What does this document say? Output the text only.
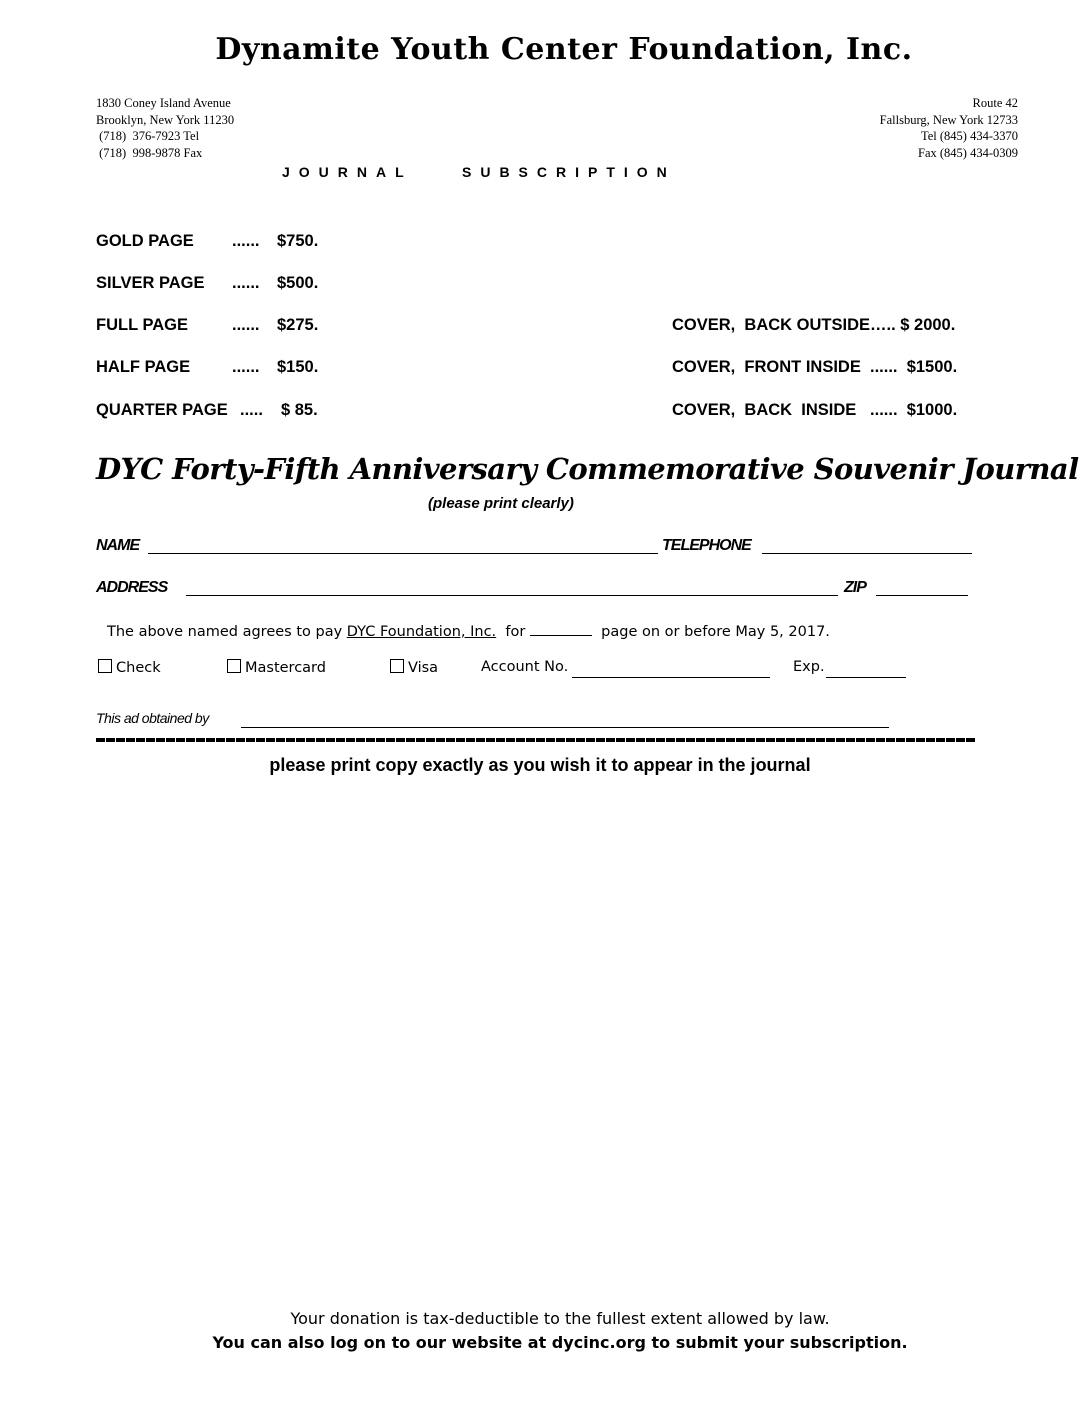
Dynamite Youth Center Foundation, Inc.
1830 Coney Island Avenue
Brooklyn, New York 11230
(718)  376-7923 Tel
(718)  998-9878 Fax
Route 42
Fallsburg, New York 12733
Tel (845) 434-3370
Fax (845) 434-0309
JOURNAL	SUBSCRIPTION
GOLD PAGE ...... $750.
SILVER PAGE ...... $500.
FULL PAGE	...... $275.
HALF PAGE	...... $150.
QUARTER PAGE ..... $ 85.
COVER,  BACK OUTSIDE….. $ 2000.
COVER,  FRONT INSIDE  ......  $1500.
COVER,  BACK  INSIDE   ......  $1000.
DYC Forty-Fifth Anniversary Commemorative Souvenir Journal
(please print clearly)
NAME	TELEPHONE
ADDRESS	ZIP
The above named agrees to pay DYC Foundation, Inc.  for	page on or before May 5, 2017.
Check	Mastercard	Visa	Account No.	Exp.
This ad obtained by
please print copy exactly as you wish it to appear in the journal
Your donation is tax-deductible to the fullest extent allowed by law.
You can also log on to our website at dycinc.org to submit your subscription.
